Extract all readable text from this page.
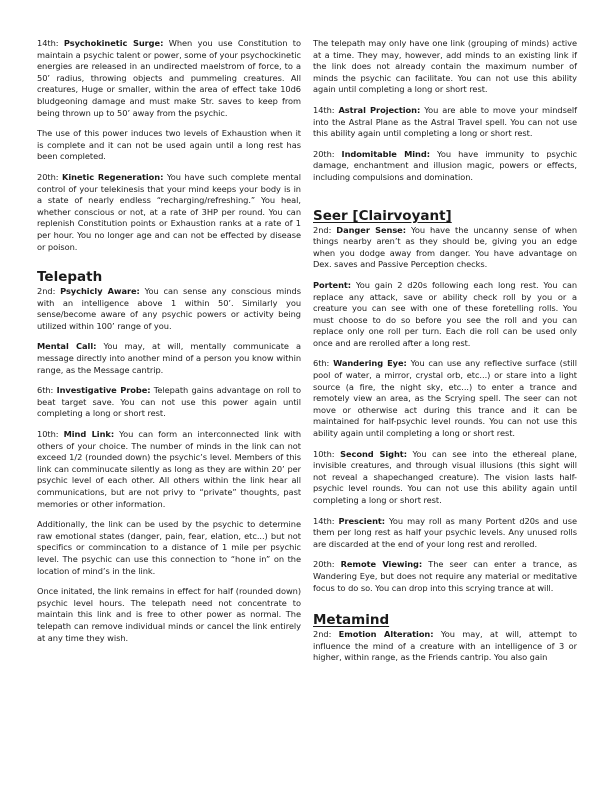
14th: Psychokinetic Surge: When you use Constitution to maintain a psychic talent or power, some of your psychockinetic energies are released in an undirected maelstrom of force, to a 50’ radius, throwing objects and pummeling creatures. All creatures, Huge or smaller, within the area of effect take 10d6 bludgeoning damage and must make Str. saves to keep from being thrown up to 50’ away from the psychic.

The use of this power induces two levels of Exhaustion when it is complete and it can not be used again until a long rest has been completed.

20th: Kinetic Regeneration: You have such complete mental control of your telekinesis that your mind keeps your body is in a state of nearly endless “recharging/refreshing.” You heal, whether conscious or not, at a rate of 3HP per round. You can replenish Constitution points or Exhaustion ranks at a rate of 1 per hour. You no longer age and can not be effected by disease or poison.

Telepath

2nd: Psychicly Aware: You can sense any conscious minds with an intelligence above 1 within 50’. Similarly you sense/become aware of any psychic powers or activity being utilized within 100’ range of you.

Mental Call: You may, at will, mentally communicate a message directly into another mind of a person you know within range, as the Message cantrip.

6th: Investigative Probe: Telepath gains advantage on roll to beat target save. You can not use this power again until completing a long or short rest.

10th: Mind Link: You can form an interconnected link with others of your choice. The number of minds in the link can not exceed 1/2 (rounded down) the psychic’s level. Members of this link can comminucate silently as long as they are within 20’ per psychic level of each other. All others within the link hear all communications, but are not privy to “private” thoughts, past memories or other information.

Additionally, the link can be used by the psychic to determine raw emotional states (danger, pain, fear, elation, etc...) but not specifics or commincation to a distance of 1 mile per psychic level. The psychic can use this connection to “hone in” on the location of mind’s in the link.

Once initated, the link remains in effect for half (rounded down) psychic level hours. The telepath need not concentrate to maintain this link and is free to other power as normal. The telepath can remove individual minds or cancel the link entirely at any time they wish.

The telepath may only have one link (grouping of minds) active at a time. They may, however, add minds to an existing link if the link does not already contain the maximum number of minds the psychic can facilitate. You can not use this ability again until completing a long or short rest.

14th: Astral Projection: You are able to move your mindself into the Astral Plane as the Astral Travel spell. You can not use this ability again until completing a long or short rest.

20th: Indomitable Mind: You have immunity to psychic damage, enchantment and illusion magic, powers or effects, including compulsions and domination.

Seer [Clairvoyant]

2nd: Danger Sense: You have the uncanny sense of when things nearby aren’t as they should be, giving you an edge when you dodge away from danger. You have advantage on Dex. saves and Passive Perception checks.

Portent: You gain 2 d20s following each long rest. You can replace any attack, save or ability check roll by you or a creature you can see with one of these foretelling rolls. You must choose to do so before you see the roll and you can replace only one roll per turn. Each die roll can be used only once and are rerolled after a long rest.

6th: Wandering Eye: You can use any reflective surface (still pool of water, a mirror, crystal orb, etc...) or stare into a light source (a fire, the night sky, etc...) to enter a trance and remotely view an area, as the Scrying spell. The seer can not move or otherwise act during this trance and it can be maintained for half-psychic level rounds. You can not use this ability again until completing a long or short rest.

10th: Second Sight: You can see into the ethereal plane, invisible creatures, and through visual illusions (this sight will not reveal a shapechanged creature). The vision lasts half-psychic level rounds. You can not use this ability again until completing a long or short rest.

14th: Prescient: You may roll as many Portent d20s and use them per long rest as half your psychic levels. Any unused rolls are discarded at the end of your long rest and rerolled.

20th: Remote Viewing: The seer can enter a trance, as Wandering Eye, but does not require any material or meditative focus to do so. You can drop into this scrying trance at will.

Metamind

2nd: Emotion Alteration: You may, at will, attempt to influence the mind of a creature with an intelligence of 3 or higher, within range, as the Friends cantrip. You also gain
